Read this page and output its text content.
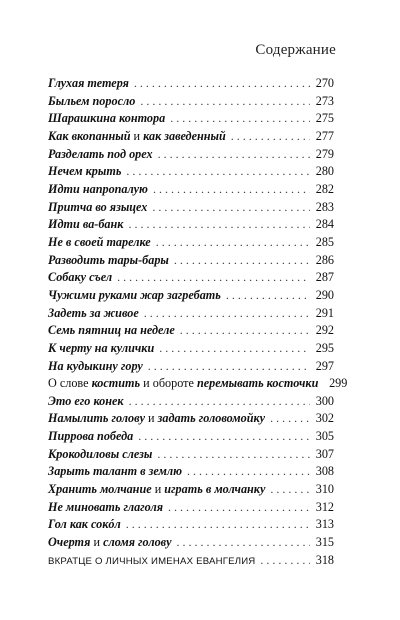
Содержание
Глухая тетеря . . .	270
Быльем поросло . . .	273
Шарашкина контора . . .	275
Как вкопанный и как заведенный . . .	277
Разделать под орех . . .	279
Нечем крыть . . .	280
Идти напропалую . . .	282
Притча во языцех . . .	283
Идти ва-банк . . .	284
Не в своей тарелке . . .	285
Разводить тары-бары . . .	286
Собаку съел . . .	287
Чужими руками жар загребать . . .	290
Задеть за живое . . .	291
Семь пятниц на неделе . . .	292
К черту на кулички . . .	295
На кудыкину гору . . .	297
О слове костить и обороте перемывать косточки 299
Это его конек . . .	300
Намылить голову и задать головомойку . . .	302
Пиррова победа . . .	305
Крокодиловы слезы . . .	307
Зарыть талант в землю . . .	308
Хранить молчание и играть в молчанку . . .	310
Не миновать глаголя . . .	312
Гол как сокóл . . .	313
Очертя и сломя голову . . .	315
ВКРАТЦЕ О ЛИЧНЫХ ИМЕНАХ ЕВАНГЕЛИЯ . . .	318
